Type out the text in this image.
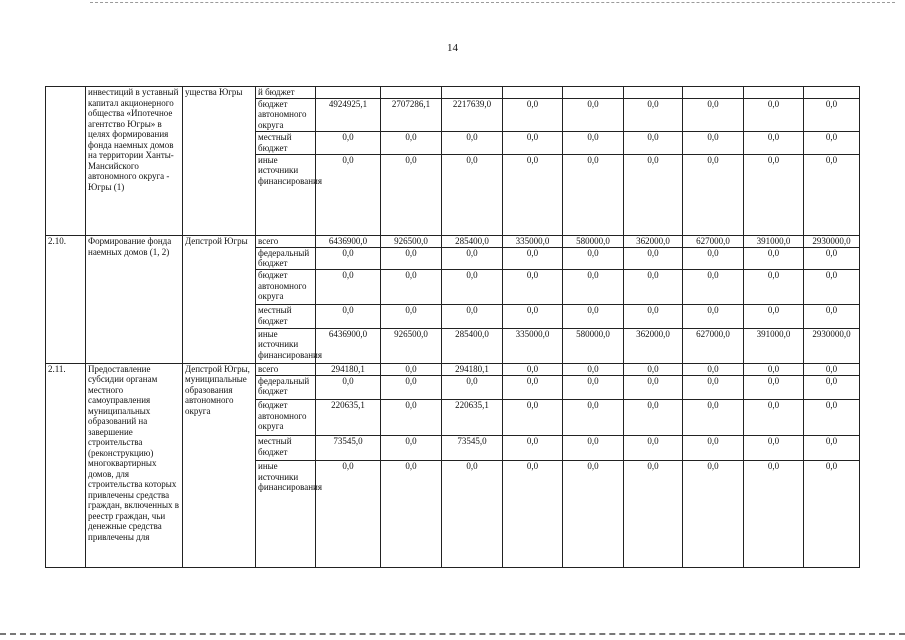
14
	инвестиций в уставный капитал акционерного общества «Ипотечное агентство Югры» в целях формирования фонда наемных домов на территории Ханты-Мансийского автономного округа - Югры (1)	ущества Югры	й бюджет									
			бюджет автономного округа	4924925,1	2707286,1	2217639,0	0,0	0,0	0,0	0,0	0,0	0,0
			местный бюджет	0,0	0,0	0,0	0,0	0,0	0,0	0,0	0,0	0,0
			иные источники финансирования	0,0	0,0	0,0	0,0	0,0	0,0	0,0	0,0	0,0
2.10.	Формирование фонда наемных домов (1, 2)	Депстрой Югры	всего	6436900,0	926500,0	285400,0	335000,0	580000,0	362000,0	627000,0	391000,0	2930000,0
			федеральный бюджет	0,0	0,0	0,0	0,0	0,0	0,0	0,0	0,0	0,0
			бюджет автономного округа	0,0	0,0	0,0	0,0	0,0	0,0	0,0	0,0	0,0
			местный бюджет	0,0	0,0	0,0	0,0	0,0	0,0	0,0	0,0	0,0
			иные источники финансирования	6436900,0	926500,0	285400,0	335000,0	580000,0	362000,0	627000,0	391000,0	2930000,0
2.11.	Предоставление субсидии органам местного самоуправления муниципальных образований на завершение строительства (реконструкцию) многоквартирных домов, для строительства которых привлечены средства граждан, включенных в реестр граждан, чьи денежные средства привлечены для	Депстрой Югры, муниципальные образования автономного округа	всего	294180,1	0,0	294180,1	0,0	0,0	0,0	0,0	0,0	0,0
			федеральный бюджет	0,0	0,0	0,0	0,0	0,0	0,0	0,0	0,0	0,0
			бюджет автономного округа	220635,1	0,0	220635,1	0,0	0,0	0,0	0,0	0,0	0,0
			местный бюджет	73545,0	0,0	73545,0	0,0	0,0	0,0	0,0	0,0	0,0
			иные источники финансирования	0,0	0,0	0,0	0,0	0,0	0,0	0,0	0,0	0,0
